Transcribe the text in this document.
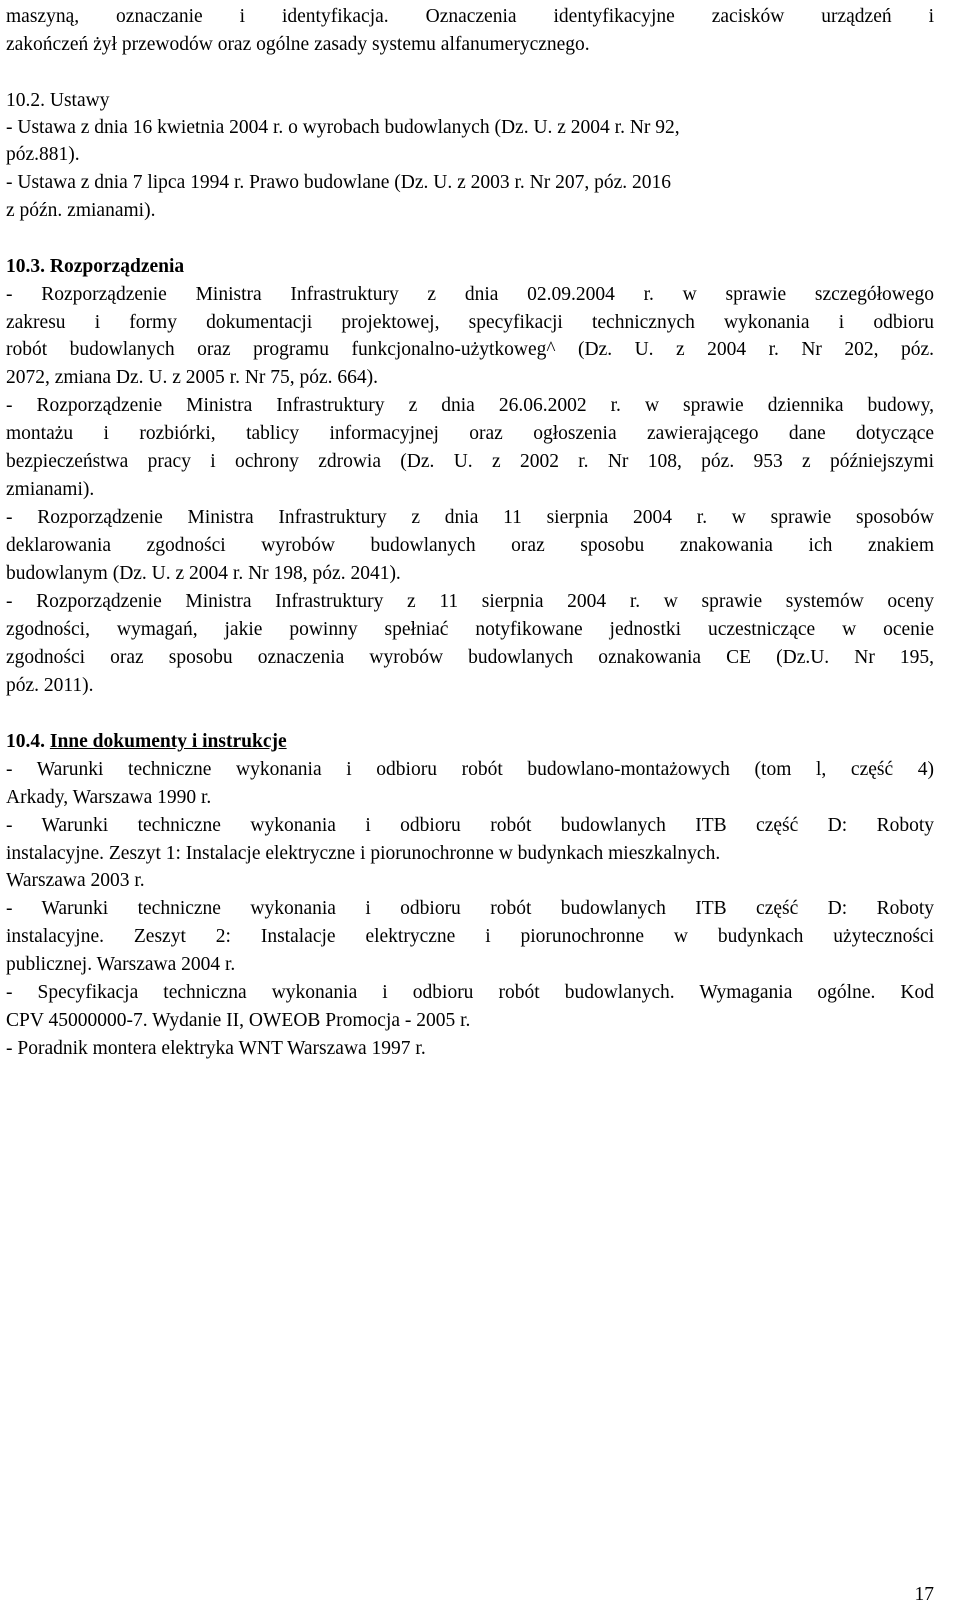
maszyną, oznaczanie i identyfikacja. Oznaczenia identyfikacyjne zacisków urządzeń i
zakończeń żył przewodów oraz ogólne zasady systemu alfanumerycznego.
10.2. Ustawy
- Ustawa z dnia 16 kwietnia 2004 r. o wyrobach budowlanych (Dz. U. z 2004 r. Nr 92,
póz.881).
- Ustawa z dnia 7 lipca 1994 r. Prawo budowlane (Dz. U. z 2003 r. Nr 207, póz. 2016
z późn. zmianami).
10.3. Rozporządzenia
- Rozporządzenie Ministra Infrastruktury z dnia 02.09.2004 r. w sprawie szczegółowego
zakresu i formy dokumentacji projektowej, specyfikacji technicznych wykonania i odbioru
robót budowlanych oraz programu funkcjonalno-użytkoweg^ (Dz. U. z 2004 r. Nr 202, póz.
2072, zmiana Dz. U. z 2005 r. Nr 75, póz. 664).
- Rozporządzenie Ministra Infrastruktury z dnia 26.06.2002 r. w sprawie dziennika budowy,
montażu i rozbiórki, tablicy informacyjnej oraz ogłoszenia zawierającego dane dotyczące
bezpieczeństwa pracy i ochrony zdrowia (Dz. U. z 2002 r. Nr 108, póz. 953 z późniejszymi
zmianami).
- Rozporządzenie Ministra Infrastruktury z dnia 11 sierpnia 2004 r. w sprawie sposobów
deklarowania zgodności wyrobów budowlanych oraz sposobu znakowania ich znakiem
budowlanym (Dz. U. z 2004 r. Nr 198, póz. 2041).
- Rozporządzenie Ministra Infrastruktury z 11 sierpnia 2004 r. w sprawie systemów oceny
zgodności, wymagań, jakie powinny spełniać notyfikowane jednostki uczestniczące w ocenie
zgodności oraz sposobu oznaczenia wyrobów budowlanych oznakowania CE (Dz.U. Nr 195,
póz. 2011).
10.4. Inne dokumenty i instrukcje
- Warunki techniczne wykonania i odbioru robót budowlano-montażowych (tom l, część 4)
Arkady, Warszawa 1990 r.
- Warunki techniczne wykonania i odbioru robót budowlanych ITB część D: Roboty
instalacyjne. Zeszyt 1: Instalacje elektryczne i piorunochronne w budynkach mieszkalnych.
Warszawa 2003 r.
- Warunki techniczne wykonania i odbioru robót budowlanych ITB część D: Roboty
instalacyjne. Zeszyt 2: Instalacje elektryczne i piorunochronne w budynkach użyteczności
publicznej. Warszawa 2004 r.
- Specyfikacja techniczna wykonania i odbioru robót budowlanych. Wymagania ogólne. Kod
CPV 45000000-7. Wydanie II, OWEOB Promocja - 2005 r.
- Poradnik montera elektryka WNT Warszawa 1997 r.
17
